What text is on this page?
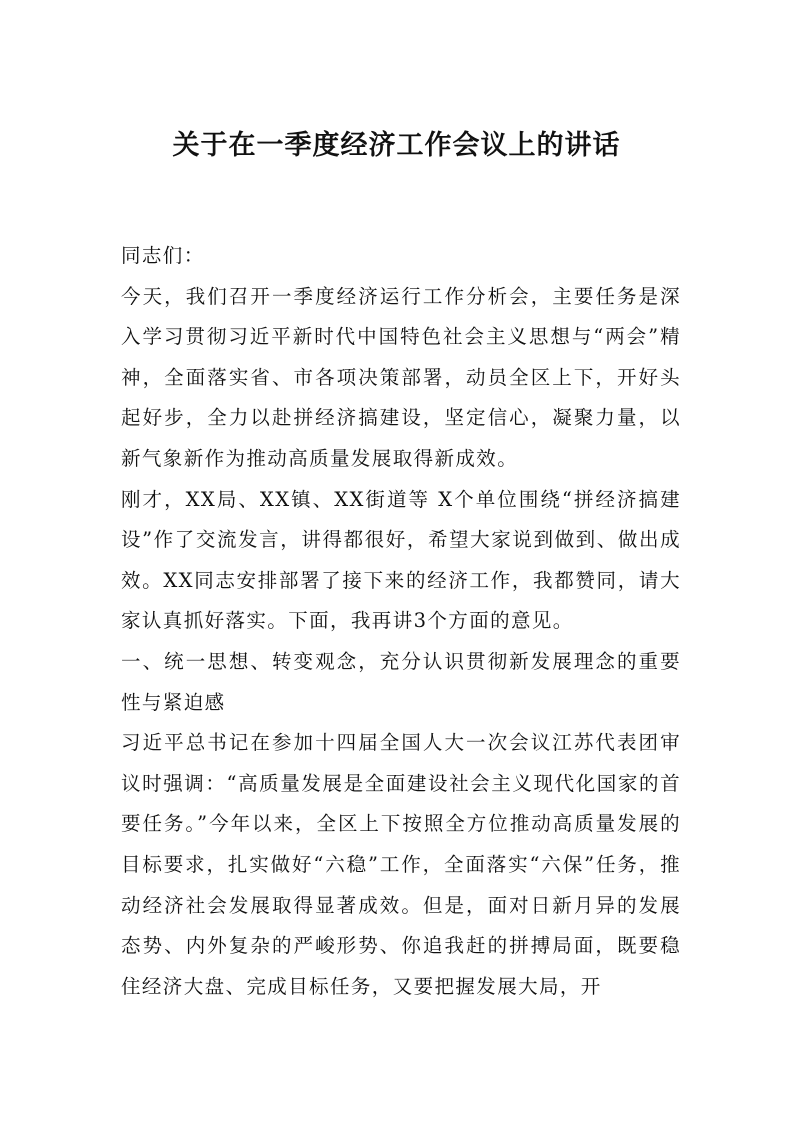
关于在一季度经济工作会议上的讲话

同志们：

今天，我们召开一季度经济运行工作分析会，主要任务是深入学习贯彻习近平新时代中国特色社会主义思想与“两会”精神，全面落实省、市各项决策部署，动员全区上下，开好头起好步，全力以赴拼经济搞建设，坚定信心，凝聚力量，以新气象新作为推动高质量发展取得新成效。

刚才，XX局、XX镇、XX街道等 X个单位围绕“拼经济搞建设”作了交流发言，讲得都很好，希望大家说到做到、做出成效。XX同志安排部署了接下来的经济工作，我都赞同，请大家认真抓好落实。下面，我再讲3个方面的意见。

一、统一思想、转变观念，充分认识贯彻新发展理念的重要性与紧迫感

习近平总书记在参加十四届全国人大一次会议江苏代表团审议时强调：“高质量发展是全面建设社会主义现代化国家的首要任务。”今年以来，全区上下按照全方位推动高质量发展的目标要求，扎实做好“六稳”工作，全面落实“六保”任务，推动经济社会发展取得显著成效。但是，面对日新月异的发展态势、内外复杂的严峻形势、你追我赶的拼搏局面，既要稳住经济大盘、完成目标任务，又要把握发展大局，开
